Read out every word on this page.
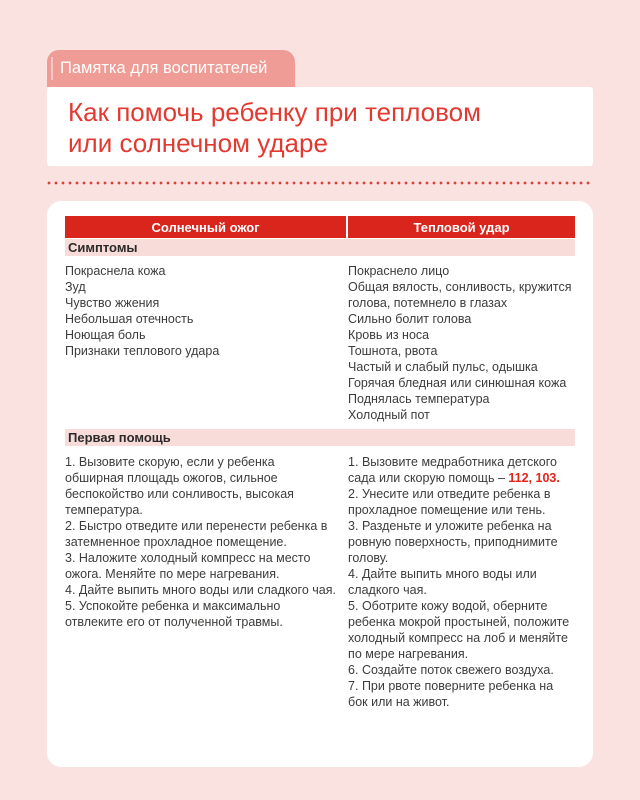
Памятка для воспитателей
Как помочь ребенку при тепловом
или солнечном ударе
Солнечный ожог	Тепловой удар
Симптомы

Покраснела кожа

Зуд

Чувство жжения

Небольшая отечность

Ноющая боль

Признаки теплового удара

Покраснело лицо

Общая вялость, сонливость, кружится голова, потемнело в глазах

Сильно болит голова

Кровь из носа

Тошнота, рвота

Частый и слабый пульс, одышка

Горячая бледная или синюшная кожа

Поднялась температура

Холодный пот

Первая помощь

1. Вызовите скорую, если у ребенка обширная площадь ожогов, сильное беспокойство или сонливость, высокая температура.

2. Быстро отведите или перенести ребенка в затемненное прохладное помещение.

3. Наложите холодный компресс на место ожога. Меняйте по мере нагревания.

4. Дайте выпить много воды или сладкого чая.

5. Успокойте ребенка и максимально отвлеките его от полученной травмы.

1. Вызовите медработника детского сада или скорую помощь – 112, 103.

2. Унесите или отведите ребенка в прохладное помещение или тень.

3. Разденьте и уложите ребенка на ровную поверхность, приподнимите голову.

4. Дайте выпить много воды или сладкого чая.

5. Оботрите кожу водой, оберните ребенка мокрой простыней, положите холодный компресс на лоб и меняйте по мере нагревания.

6. Создайте поток свежего воздуха.

7. При рвоте поверните ребенка на бок или на живот.
